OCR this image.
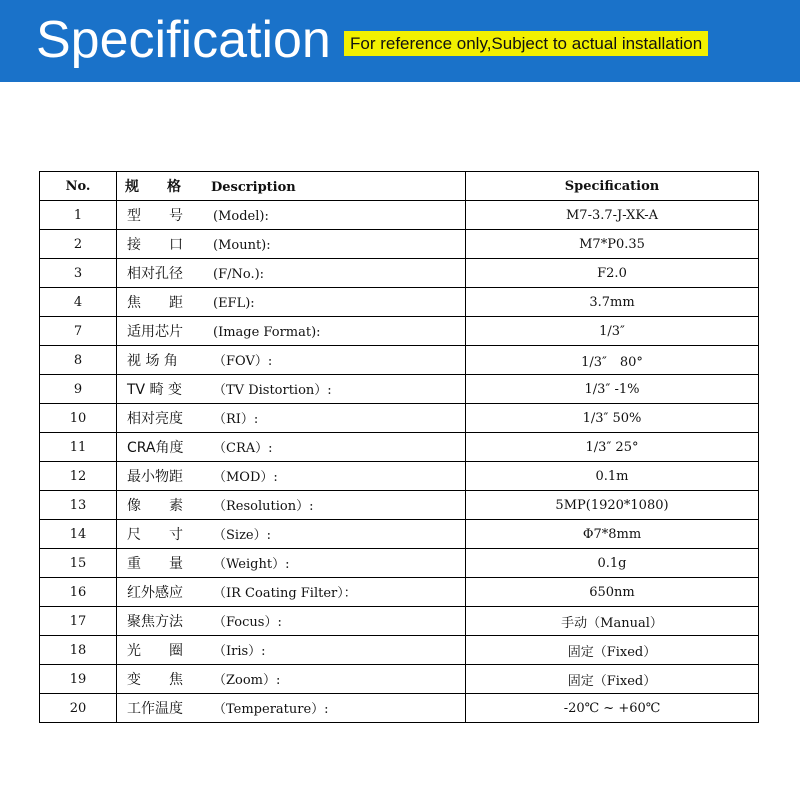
Specification	For reference only,Subject to actual installation
No.	规　　格 Description	Specification
1	型　　号 (Model):	M7-3.7-J-XK-A
2	接　　口 (Mount):	M7*P0.35
3	相对孔径 (F/No.):	F2.0
4	焦　　距 (EFL):	3.7mm
7	适用芯片 (Image Format):	1/3″
8	视 场 角 （FOV）:	1/3″　80°
9	TV 畸 变 （TV Distortion）:	1/3″ -1%
10	相对亮度 （RI）:	1/3″ 50%
11	CRA角度 （CRA）:	1/3″ 25°
12	最小物距 （MOD）:	0.1m
13	像　　素 （Resolution）:	5MP(1920*1080)
14	尺　　寸 （Size）:	Φ7*8mm
15	重　　量 （Weight）:	0.1g
16	红外感应 （IR Coating Filter）：	650nm
17	聚焦方法 （Focus）:	手动（Manual）
18	光　　圈 （Iris）:	固定（Fixed）
19	变　　焦 （Zoom）:	固定（Fixed）
20	工作温度 （Temperature）:	-20℃ ~ +60℃
